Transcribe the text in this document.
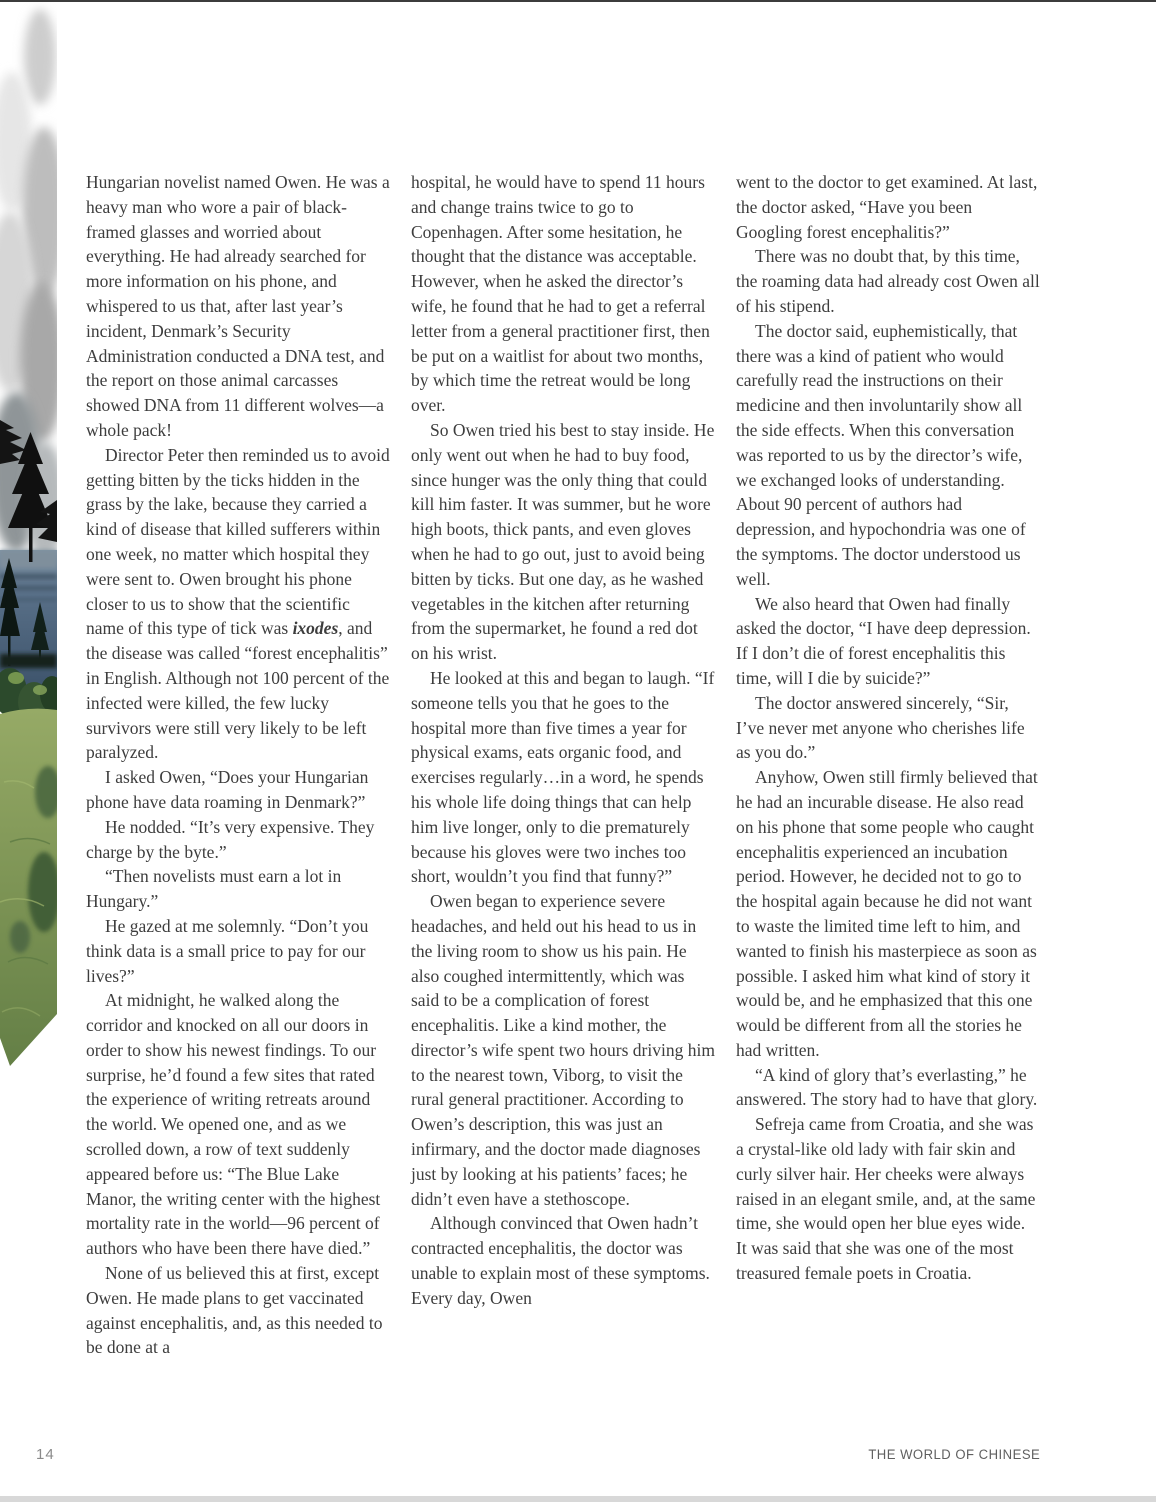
Hungarian novelist named Owen. He was a heavy man who wore a pair of black-framed glasses and worried about everything. He had already searched for more information on his phone, and whispered to us that, after last year’s incident, Denmark’s Security Administration conducted a DNA test, and the report on those animal carcasses showed DNA from 11 different wolves—a whole pack!

Director Peter then reminded us to avoid getting bitten by the ticks hidden in the grass by the lake, because they carried a kind of disease that killed sufferers within one week, no matter which hospital they were sent to. Owen brought his phone closer to us to show that the scientific name of this type of tick was ixodes, and the disease was called “forest encephalitis” in English. Although not 100 percent of the infected were killed, the few lucky survivors were still very likely to be left paralyzed.

I asked Owen, “Does your Hungarian phone have data roaming in Denmark?”

He nodded. “It’s very expensive. They charge by the byte.”

“Then novelists must earn a lot in Hungary.”

He gazed at me solemnly. “Don’t you think data is a small price to pay for our lives?”

At midnight, he walked along the corridor and knocked on all our doors in order to show his newest findings. To our surprise, he’d found a few sites that rated the experience of writing retreats around the world. We opened one, and as we scrolled down, a row of text suddenly appeared before us: “The Blue Lake Manor, the writing center with the highest mortality rate in the world—96 percent of authors who have been there have died.”

None of us believed this at first, except Owen. He made plans to get vaccinated against encephalitis, and, as this needed to be done at a

hospital, he would have to spend 11 hours and change trains twice to go to Copenhagen. After some hesitation, he thought that the distance was acceptable. However, when he asked the director’s wife, he found that he had to get a referral letter from a general practitioner first, then be put on a waitlist for about two months, by which time the retreat would be long over.

So Owen tried his best to stay inside. He only went out when he had to buy food, since hunger was the only thing that could kill him faster. It was summer, but he wore high boots, thick pants, and even gloves when he had to go out, just to avoid being bitten by ticks. But one day, as he washed vegetables in the kitchen after returning from the supermarket, he found a red dot on his wrist.

He looked at this and began to laugh. “If someone tells you that he goes to the hospital more than five times a year for physical exams, eats organic food, and exercises regularly…in a word, he spends his whole life doing things that can help him live longer, only to die prematurely because his gloves were two inches too short, wouldn’t you find that funny?”

Owen began to experience severe headaches, and held out his head to us in the living room to show us his pain. He also coughed intermittently, which was said to be a complication of forest encephalitis. Like a kind mother, the director’s wife spent two hours driving him to the nearest town, Viborg, to visit the rural general practitioner. According to Owen’s description, this was just an infirmary, and the doctor made diagnoses just by looking at his patients’ faces; he didn’t even have a stethoscope.

Although convinced that Owen hadn’t contracted encephalitis, the doctor was unable to explain most of these symptoms. Every day, Owen

went to the doctor to get examined. At last, the doctor asked, “Have you been Googling forest encephalitis?”

There was no doubt that, by this time, the roaming data had already cost Owen all of his stipend.

The doctor said, euphemistically, that there was a kind of patient who would carefully read the instructions on their medicine and then involuntarily show all the side effects. When this conversation was reported to us by the director’s wife, we exchanged looks of understanding. About 90 percent of authors had depression, and hypochondria was one of the symptoms. The doctor understood us well.

We also heard that Owen had finally asked the doctor, “I have deep depression. If I don’t die of forest encephalitis this time, will I die by suicide?”

The doctor answered sincerely, “Sir, I’ve never met anyone who cherishes life as you do.”

Anyhow, Owen still firmly believed that he had an incurable disease. He also read on his phone that some people who caught encephalitis experienced an incubation period. However, he decided not to go to the hospital again because he did not want to waste the limited time left to him, and wanted to finish his masterpiece as soon as possible. I asked him what kind of story it would be, and he emphasized that this one would be different from all the stories he had written.

“A kind of glory that’s everlasting,” he answered. The story had to have that glory.

Sefreja came from Croatia, and she was a crystal-like old lady with fair skin and curly silver hair. Her cheeks were always raised in an elegant smile, and, at the same time, she would open her blue eyes wide. It was said that she was one of the most treasured female poets in Croatia.

14	THE WORLD OF CHINESE
